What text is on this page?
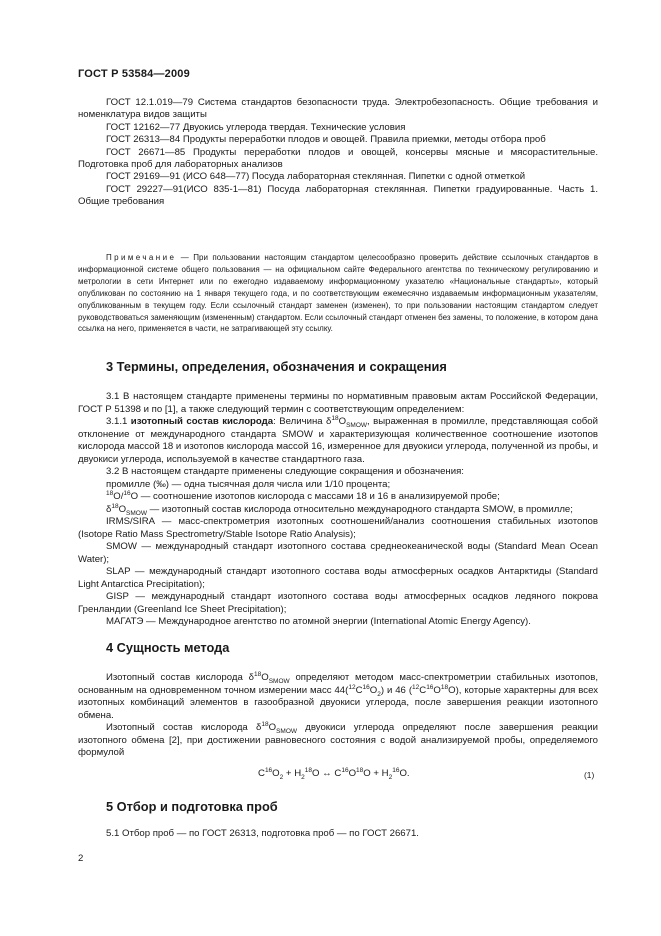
ГОСТ Р 53584—2009

ГОСТ 12.1.019—79 Система стандартов безопасности труда. Электробезопасность. Общие требования и номенклатура видов защиты

ГОСТ 12162—77 Двуокись углерода твердая. Технические условия

ГОСТ 26313—84 Продукты переработки плодов и овощей. Правила приемки, методы отбора проб

ГОСТ 26671—85 Продукты переработки плодов и овощей, консервы мясные и мясорастительные. Подготовка проб для лабораторных анализов

ГОСТ 29169—91 (ИСО 648—77) Посуда лабораторная стеклянная. Пипетки с одной отметкой

ГОСТ 29227—91(ИСО 835-1—81) Посуда лабораторная стеклянная. Пипетки градуированные. Часть 1. Общие требования

Примечание — При пользовании настоящим стандартом целесообразно проверить действие ссылочных стандартов в информационной системе общего пользования — на официальном сайте Федерального агентства по техническому регулированию и метрологии в сети Интернет или по ежегодно издаваемому информационному указателю «Национальные стандарты», который опубликован по состоянию на 1 января текущего года, и по соответствующим ежемесячно издаваемым информационным указателям, опубликованным в текущем году. Если ссылочный стандарт заменен (изменен), то при пользовании настоящим стандартом следует руководствоваться заменяющим (измененным) стандартом. Если ссылочный стандарт отменен без замены, то положение, в котором дана ссылка на него, применяется в части, не затрагивающей эту ссылку.
3 Термины, определения, обозначения и сокращения

3.1 В настоящем стандарте применены термины по нормативным правовым актам Российской Федерации, ГОСТ Р 51398 и по [1], а также следующий термин с соответствующим определением:

3.1.1 изотопный состав кислорода: Величина $\delta^{18}O_{SMOW}$, выраженная в промилле, представляющая собой отклонение от международного стандарта SMOW и характеризующая количественное соотношение изотопов кислорода массой 18 и изотопов кислорода массой 16, измеренное для двуокиси углерода, полученной из пробы, и двуокиси углерода, используемой в качестве стандартного газа.

3.2 В настоящем стандарте применены следующие сокращения и обозначения:

промилле (‰) — одна тысячная доля числа или 1/10 процента;

$^{18}$O/$^{16}$O — соотношение изотопов кислорода с массами 18 и 16 в анализируемой пробе;

$\delta^{18}O_{SMOW}$ — изотопный состав кислорода относительно международного стандарта SMOW, в промилле;

IRMS/SIRA — масс-спектрометрия изотопных соотношений/анализ соотношения стабильных изотопов (Isotope Ratio Mass Spectrometry/Stable Isotope Ratio Analysis);

SMOW — международный стандарт изотопного состава среднеокеанической воды (Standard Mean Ocean Water);

SLAP — международный стандарт изотопного состава воды атмосферных осадков Антарктиды (Standard Light Antarctica Precipitation);

GISP — международный стандарт изотопного состава воды атмосферных осадков ледяного покрова Гренландии (Greenland Ice Sheet Precipitation);

МАГАТЭ — Международное агентство по атомной энергии (International Atomic Energy Agency).

4 Сущность метода

Изотопный состав кислорода $\delta^{18}O_{SMOW}$ определяют методом масс-спектрометрии стабильных изотопов, основанным на одновременном точном измерении масс $44(^{12}C^{16}O_2)$ и 46 $(^{12}C^{16}O^{18}O)$, которые характерны для всех изотопных комбинаций элементов в газообразной двуокиси углерода, после завершения реакции изотопного обмена.

Изотопный состав кислорода $\delta^{18}O_{SMOW}$ двуокиси углерода определяют после завершения реакции изотопного обмена [2], при достижении равновесного состояния с водой анализируемой пробы, определяемого формулой

$C^{16}O_2 + H_2^{18}O$ ↔ $C^{16}O^{18}O + H_2^{16}O$.	(1)
5 Отбор и подготовка проб

5.1 Отбор проб — по ГОСТ 26313, подготовка проб — по ГОСТ 26671.

2
